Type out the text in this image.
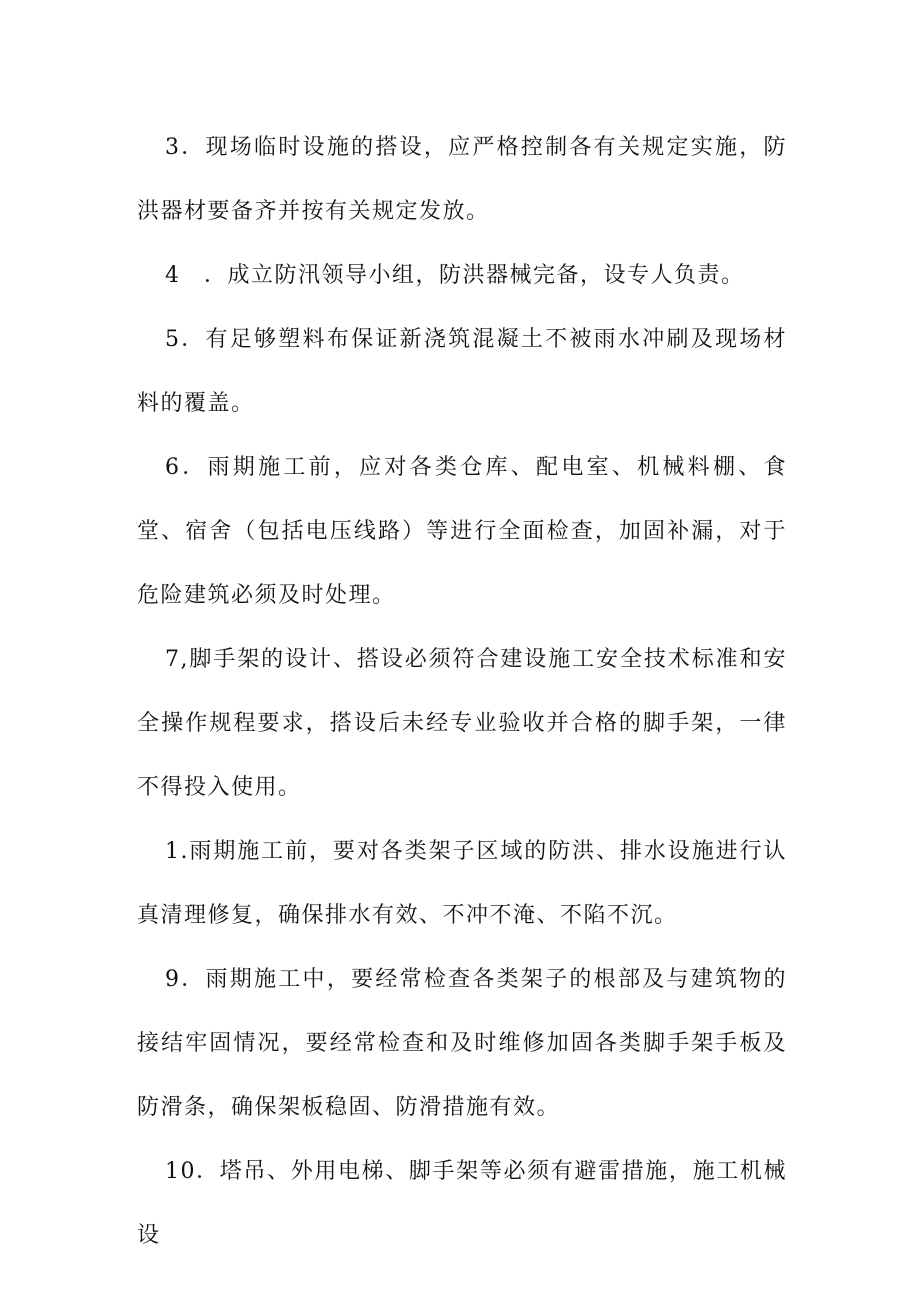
3．现场临时设施的搭设，应严格控制各有关规定实施，防洪器材要备齐并按有关规定发放。

4　．成立防汛领导小组，防洪器械完备，设专人负责。

5．有足够塑料布保证新浇筑混凝土不被雨水冲刷及现场材料的覆盖。

6．雨期施工前，应对各类仓库、配电室、机械料棚、食堂、宿舍（包括电压线路）等进行全面检查，加固补漏，对于危险建筑必须及时处理。

7,脚手架的设计、搭设必须符合建设施工安全技术标准和安全操作规程要求，搭设后未经专业验收并合格的脚手架，一律不得投入使用。

1.雨期施工前，要对各类架子区域的防洪、排水设施进行认真清理修复，确保排水有效、不冲不淹、不陷不沉。

9．雨期施工中，要经常检查各类架子的根部及与建筑物的接结牢固情况，要经常检查和及时维修加固各类脚手架手板及防滑条，确保架板稳固、防滑措施有效。

10．塔吊、外用电梯、脚手架等必须有避雷措施，施工机械设
